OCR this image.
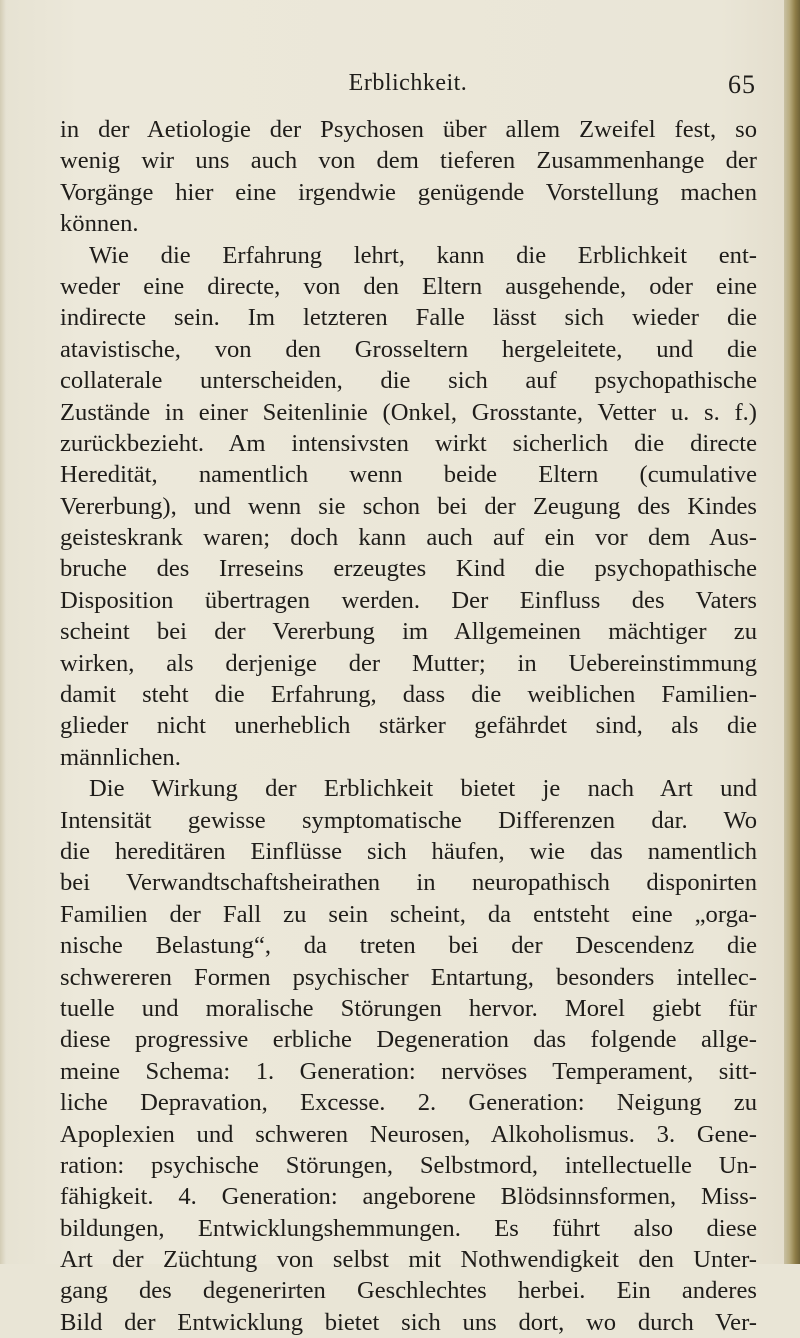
Erblichkeit.	65
in der Aetiologie der Psychosen über allem Zweifel fest, so
wenig wir uns auch von dem tieferen Zusammenhange der
Vorgänge hier eine irgendwie genügende Vorstellung machen
können.
Wie die Erfahrung lehrt, kann die Erblichkeit ent-
weder eine directe, von den Eltern ausgehende, oder eine
indirecte sein. Im letzteren Falle lässt sich wieder die
atavistische, von den Grosseltern hergeleitete, und die
collaterale unterscheiden, die sich auf psychopathische
Zustände in einer Seitenlinie (Onkel, Grosstante, Vetter u. s. f.)
zurückbezieht. Am intensivsten wirkt sicherlich die directe
Heredität, namentlich wenn beide Eltern (cumulative
Vererbung), und wenn sie schon bei der Zeugung des Kindes
geisteskrank waren; doch kann auch auf ein vor dem Aus-
bruche des Irreseins erzeugtes Kind die psychopathische
Disposition übertragen werden. Der Einfluss des Vaters
scheint bei der Vererbung im Allgemeinen mächtiger zu
wirken, als derjenige der Mutter; in Uebereinstimmung
damit steht die Erfahrung, dass die weiblichen Familien-
glieder nicht unerheblich stärker gefährdet sind, als die
männlichen.
Die Wirkung der Erblichkeit bietet je nach Art und
Intensität gewisse symptomatische Differenzen dar. Wo
die hereditären Einflüsse sich häufen, wie das namentlich
bei Verwandtschaftsheirathen in neuropathisch disponirten
Familien der Fall zu sein scheint, da entsteht eine „orga-
nische Belastung“, da treten bei der Descendenz die
schwereren Formen psychischer Entartung, besonders intellec-
tuelle und moralische Störungen hervor. Morel giebt für
diese progressive erbliche Degeneration das folgende allge-
meine Schema: 1. Generation: nervöses Temperament, sitt-
liche Depravation, Excesse. 2. Generation: Neigung zu
Apoplexien und schweren Neurosen, Alkoholismus. 3. Gene-
ration: psychische Störungen, Selbstmord, intellectuelle Un-
fähigkeit. 4. Generation: angeborene Blödsinnsformen, Miss-
bildungen, Entwicklungshemmungen. Es führt also diese
Art der Züchtung von selbst mit Nothwendigkeit den Unter-
gang des degenerirten Geschlechtes herbei. Ein anderes
Bild der Entwicklung bietet sich uns dort, wo durch Ver-
